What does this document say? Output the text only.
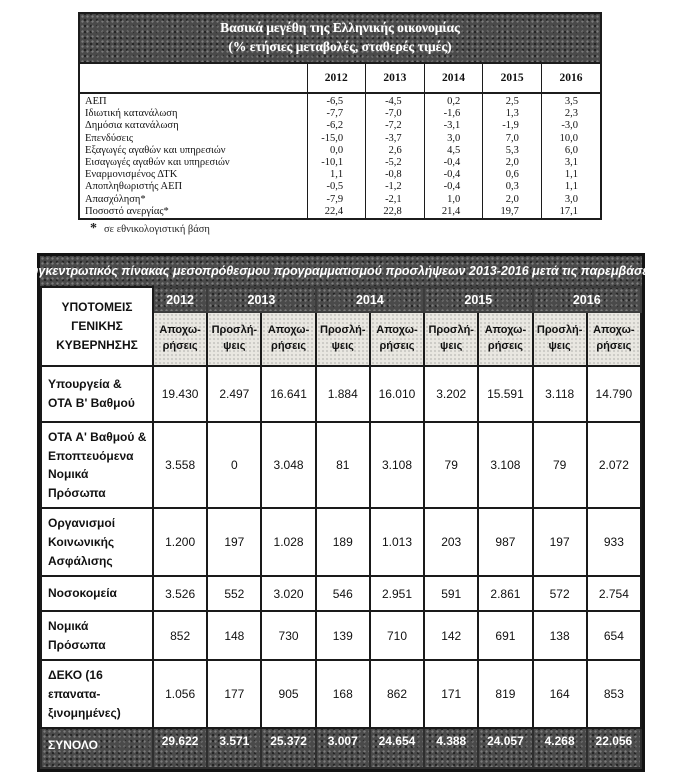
Βασικά μεγέθη της Ελληνικής οικονομίας
(% ετήσιες μεταβολές, σταθερές τιμές)
	2012	2013	2014	2015	2016
ΑΕΠ	-6,5	-4,5	0,2	2,5	3,5
Ιδιωτική κατανάλωση	-7,7	-7,0	-1,6	1,3	2,3
Δημόσια κατανάλωση	-6,2	-7,2	-3,1	-1,9	-3,0
Επενδύσεις	-15,0	-3,7	3,0	7,0	10,0
Εξαγωγές αγαθών και υπηρεσιών	0,0	2,6	4,5	5,3	6,0
Εισαγωγές αγαθών και υπηρεσιών	-10,1	-5,2	-0,4	2,0	3,1
Εναρμονισμένος ΔΤΚ	1,1	-0,8	-0,4	0,6	1,1
Αποπληθωριστής ΑΕΠ	-0,5	-1,2	-0,4	0,3	1,1
Απασχόληση*	-7,9	-2,1	1,0	2,0	3,0
Ποσοστό ανεργίας*	22,4	22,8	21,4	19,7	17,1
* σε εθνικολογιστική βάση
Συγκεντρωτικός πίνακας μεσοπρόθεσμου προγραμματισμού προσλήψεων 2013-2016 μετά τις παρεμβάσεις
ΥΠΟΤΟΜΕΙΣ ΓΕΝΙΚΗΣ ΚΥΒΕΡΝΗΣΗΣ	2012	2013		2014		2015		2016	
	Αποχω-ρήσεις	Προσλή-ψεις	Αποχω-ρήσεις	Προσλή-ψεις	Αποχω-ρήσεις	Προσλή-ψεις	Αποχω-ρήσεις	Προσλή-ψεις	Αποχω-ρήσεις
Υπουργεία & ΟΤΑ Β' Βαθμού	19.430	2.497	16.641	1.884	16.010	3.202	15.591	3.118	14.790
ΟΤΑ Α' Βαθμού & Εποπτευόμενα Νομικά Πρόσωπα	3.558	0	3.048	81	3.108	79	3.108	79	2.072
Οργανισμοί Κοινωνικής Ασφάλισης	1.200	197	1.028	189	1.013	203	987	197	933
Νοσοκομεία	3.526	552	3.020	546	2.951	591	2.861	572	2.754
Νομικά Πρόσωπα	852	148	730	139	710	142	691	138	654
ΔΕΚΟ (16 επανατα-ξινομημένες)	1.056	177	905	168	862	171	819	164	853
ΣΥΝΟΛΟ	29.622	3.571	25.372	3.007	24.654	4.388	24.057	4.268	22.056
